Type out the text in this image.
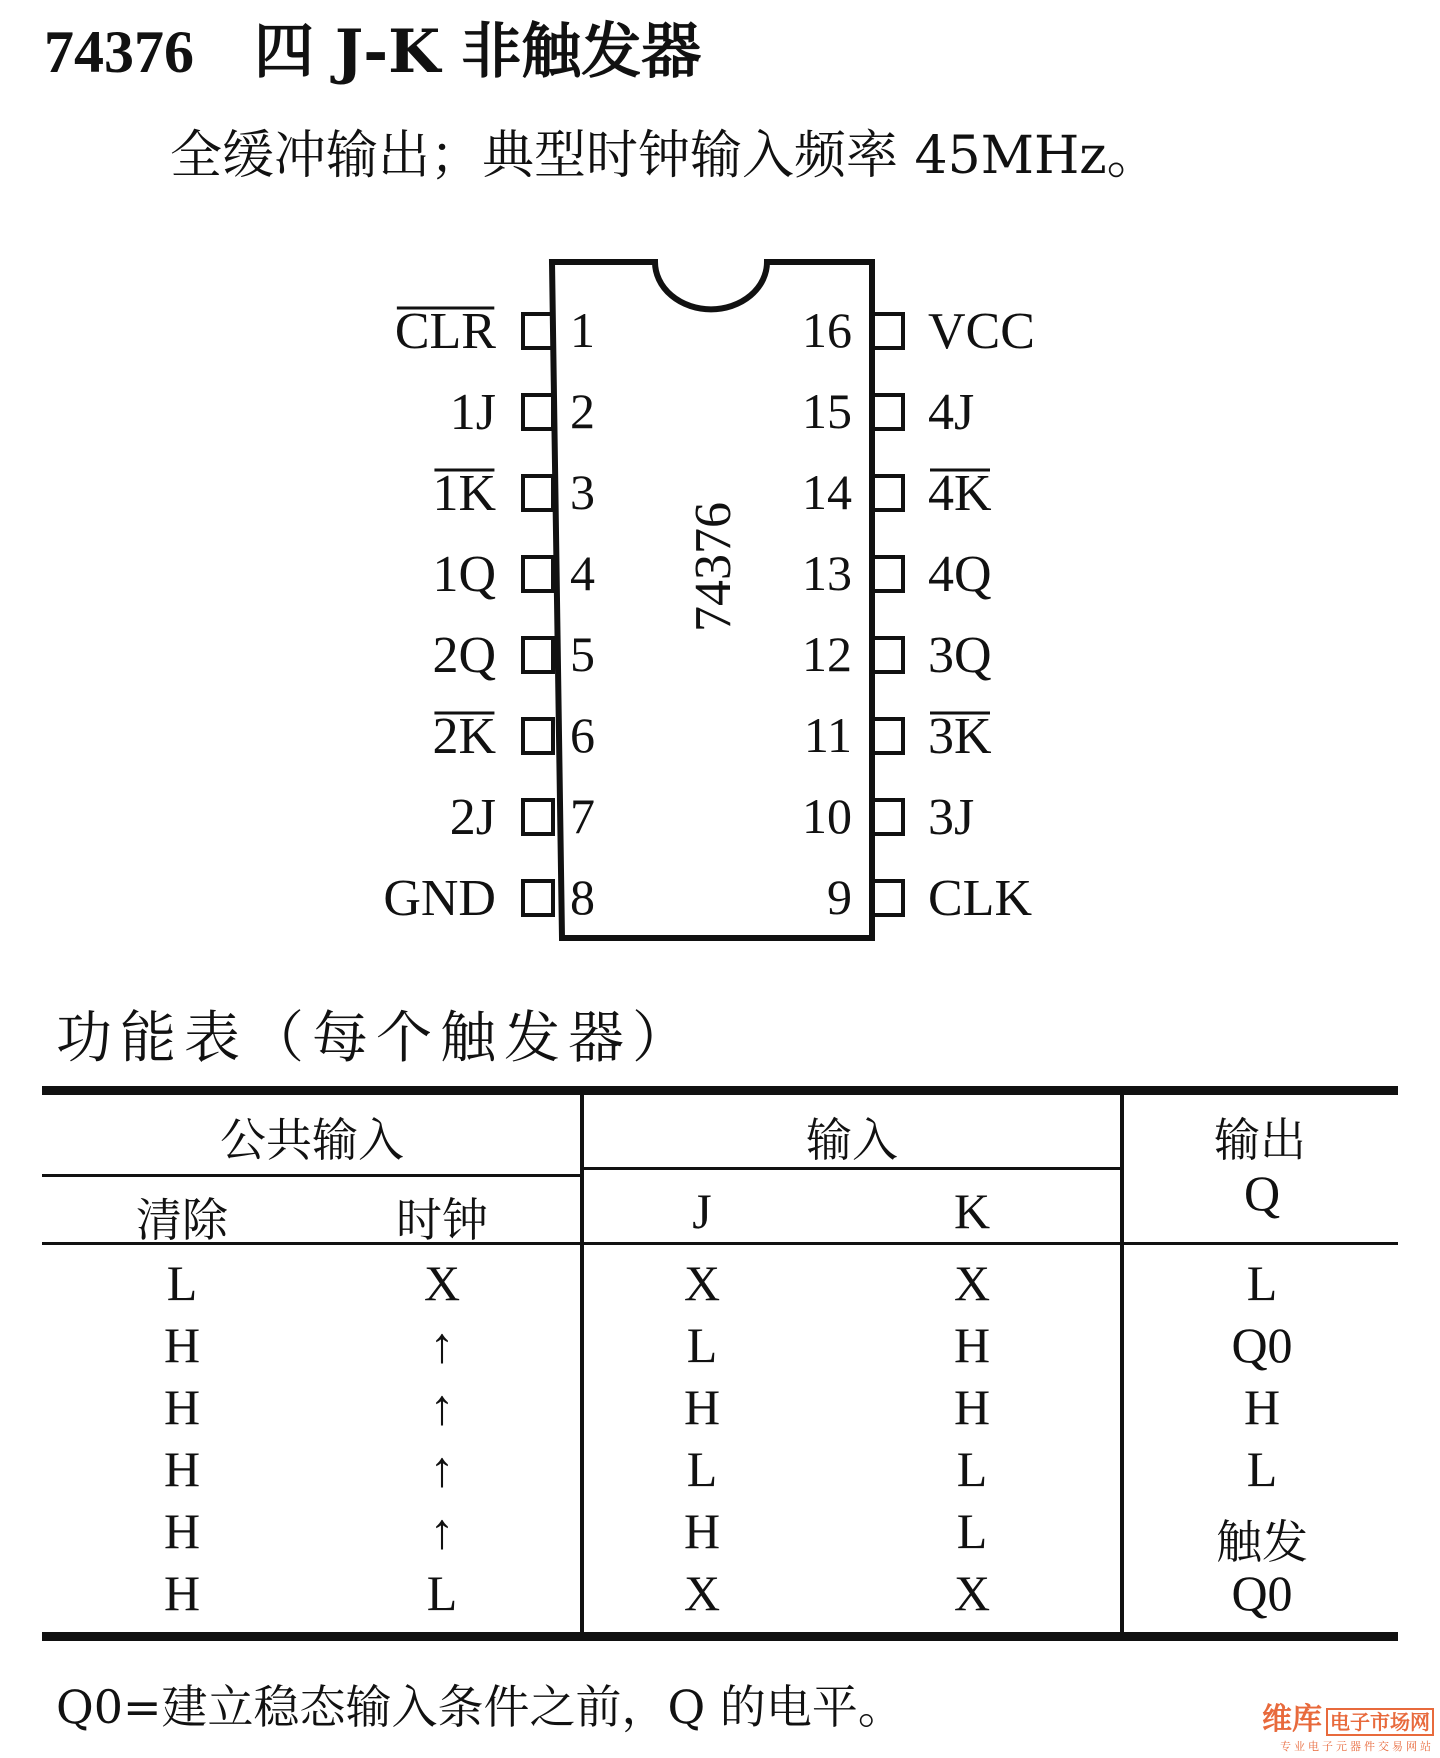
74376 四 J-K 非触发器
全缓冲输出；典型时钟输入频率 45MHz。
74376
1
CLR
2
1J
3
1K
4
1Q
5
2Q
6
2K
7
2J
8
GND
16 VCC
15 4J
14 4K
13 4Q
12 3Q
11 3K
10 3J
9 CLK
功能表（每个触发器）
公共输入	输入	输出
清除	时钟	J	K	Q
L	X	X	X	L
H	↑	L	H	Q0
H	↑	H	H	H
H	↑	L	L	L
H	↑	H	L	触发
H	L	X	X	Q0
Q0=建立稳态输入条件之前，Q 的电平。	维库 电子市场网
专业电子元器件交易网站
